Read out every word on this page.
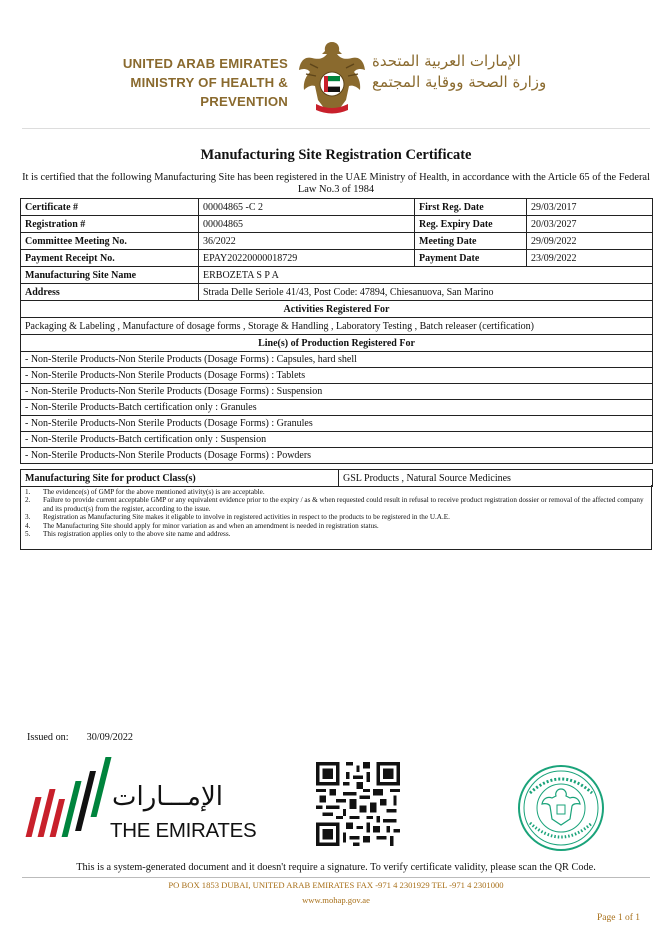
UNITED ARAB EMIRATES
MINISTRY OF HEALTH & PREVENTION
الإمارات العربية المتحدة
وزارة الصحة ووقاية المجتمع
Manufacturing Site Registration Certificate
It is certified that the following Manufacturing Site has been registered in the UAE Ministry of Health, in accordance with the Article 65 of the Federal Law No.3 of 1984
Certificate #	00004865 -C 2	First Reg. Date	29/03/2017
Registration #	00004865	Reg. Expiry Date	20/03/2027
Committee Meeting No.	36/2022	Meeting Date	29/09/2022
Payment Receipt No.	EPAY20220000018729	Payment Date	23/09/2022
Manufacturing Site Name	ERBOZETA S P A		
Address	Strada Delle Seriole 41/43, Post Code: 47894, Chiesanuova, San Marino		
Activities Registered For			
Packaging & Labeling , Manufacture of dosage forms , Storage & Handling , Laboratory Testing , Batch releaser (certification)			
Line(s) of Production Registered For			
- Non-Sterile Products-Non Sterile Products (Dosage Forms) : Capsules, hard shell			
- Non-Sterile Products-Non Sterile Products (Dosage Forms) : Tablets			
- Non-Sterile Products-Non Sterile Products (Dosage Forms) : Suspension			
- Non-Sterile Products-Batch certification only : Granules			
- Non-Sterile Products-Non Sterile Products (Dosage Forms) : Granules			
- Non-Sterile Products-Batch certification only : Suspension			
- Non-Sterile Products-Non Sterile Products (Dosage Forms) : Powders			
Manufacturing Site for product Class(s)	GSL Products , Natural Source Medicines
1.	The evidence(s) of GMP for the above mentioned ativity(s) is are acceptable.
2.	Failure to provide current acceptable GMP or any equivalent evidence prior to the expiry / as & when requested could result in refusal to receive product registration dossier or removal of the affected company and its product(s) from the register, according to the issue.
3.	Registration as Manufacturing Site makes it eligable to involve in registered activities in respect to the products to be registered in the U.A.E.
4.	The Manufacturing Site should apply for minor variation as and when an amendment is needed in registration status.
5.	This registration applies only to the above site name and address.
Issued on: 30/09/2022
الإمـــارات
THE EMIRATES
This is a system-generated document and it doesn't require a signature. To verify certificate validity, please scan the QR Code.
PO BOX 1853 DUBAI, UNITED ARAB EMIRATES FAX -971 4 2301929 TEL -971 4 2301000
www.mohap.gov.ae
Page 1 of 1
